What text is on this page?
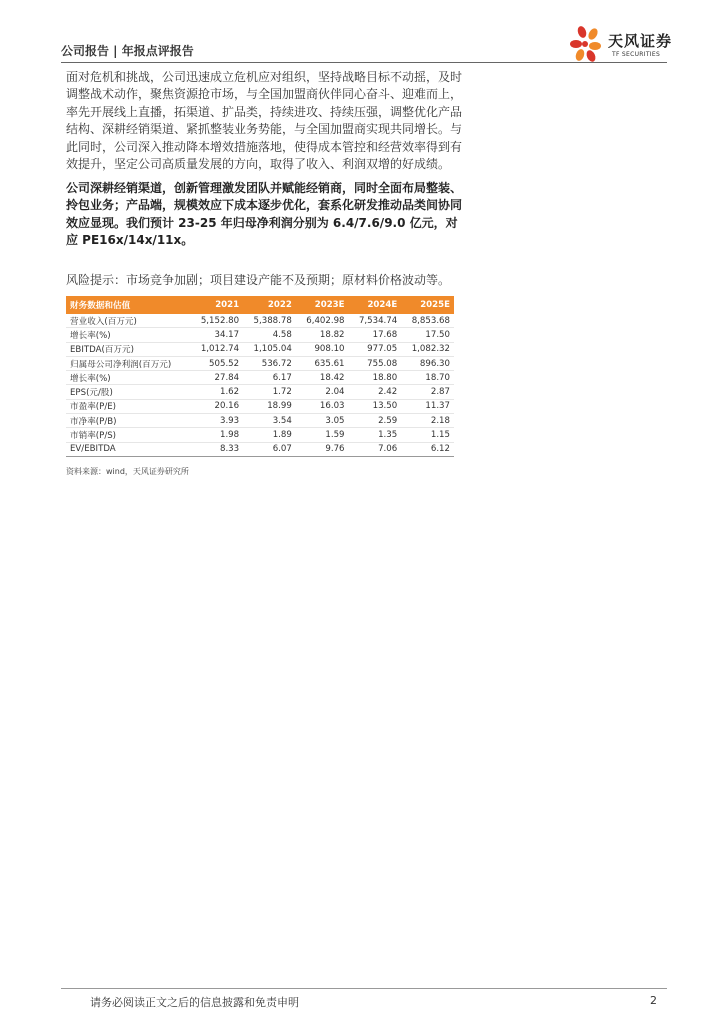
公司报告 | 年报点评报告
天风证券
TF SECURITIES
面对危机和挑战，公司迅速成立危机应对组织，坚持战略目标不动摇，及时调整战术动作，聚焦资源抢市场，与全国加盟商伙伴同心奋斗、迎难而上，率先开展线上直播，拓渠道、扩品类，持续进攻、持续压强，调整优化产品结构、深耕经销渠道、紧抓整装业务势能，与全国加盟商实现共同增长。与此同时，公司深入推动降本增效措施落地，使得成本管控和经营效率得到有效提升，坚定公司高质量发展的方向，取得了收入、利润双增的好成绩。
公司深耕经销渠道，创新管理激发团队并赋能经销商，同时全面布局整装、拎包业务；产品端，规模效应下成本逐步优化，套系化研发推动品类间协同效应显现。我们预计 23-25 年归母净利润分别为 6.4/7.6/9.0 亿元，对应 PE16x/14x/11x。
风险提示：市场竞争加剧；项目建设产能不及预期；原材料价格波动等。
财务数据和估值	2021	2022	2023E	2024E	2025E
营业收入(百万元)	5,152.80	5,388.78	6,402.98	7,534.74	8,853.68
增长率(%)	34.17	4.58	18.82	17.68	17.50
EBITDA(百万元)	1,012.74	1,105.04	908.10	977.05	1,082.32
归属母公司净利润(百万元)	505.52	536.72	635.61	755.08	896.30
增长率(%)	27.84	6.17	18.42	18.80	18.70
EPS(元/股)	1.62	1.72	2.04	2.42	2.87
市盈率(P/E)	20.16	18.99	16.03	13.50	11.37
市净率(P/B)	3.93	3.54	3.05	2.59	2.18
市销率(P/S)	1.98	1.89	1.59	1.35	1.15
EV/EBITDA	8.33	6.07	9.76	7.06	6.12
资料来源：wind，天风证券研究所
请务必阅读正文之后的信息披露和免责申明	2
